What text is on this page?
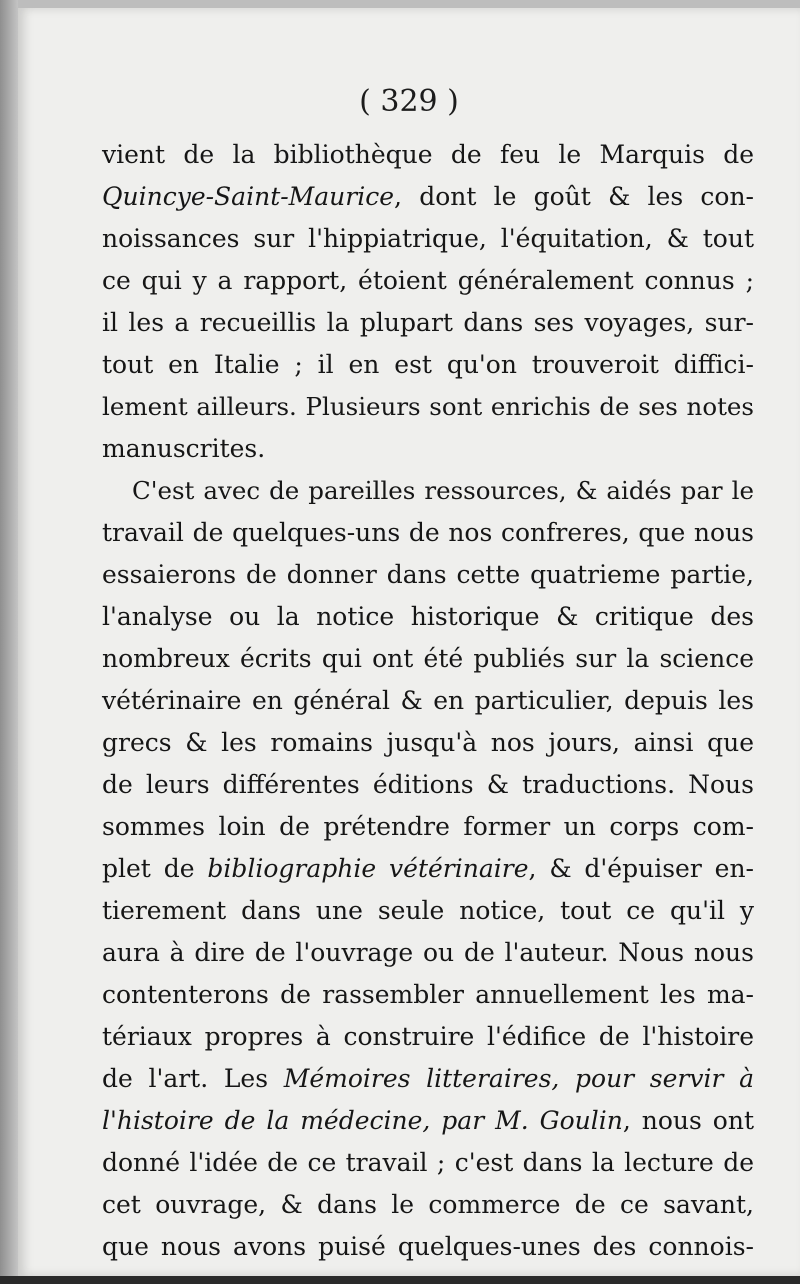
( 329 )
vient de la bibliothèque de feu le Marquis de
Quincye-Saint-Maurice, dont le goût & les con-
noissances sur l'hippiatrique, l'équitation, & tout
ce qui y a rapport, étoient généralement connus ;
il les a recueillis la plupart dans ses voyages, sur-
tout en Italie ; il en est qu'on trouveroit diffici-
lement ailleurs. Plusieurs sont enrichis de ses notes
manuscrites.
C'est avec de pareilles ressources, & aidés par le
travail de quelques-uns de nos confreres, que nous
essaierons de donner dans cette quatrieme partie,
l'analyse ou la notice historique & critique des
nombreux écrits qui ont été publiés sur la science
vétérinaire en général & en particulier, depuis les
grecs & les romains jusqu'à nos jours, ainsi que
de leurs différentes éditions & traductions. Nous
sommes loin de prétendre former un corps com-
plet de bibliographie vétérinaire, & d'épuiser en-
tierement dans une seule notice, tout ce qu'il y
aura à dire de l'ouvrage ou de l'auteur. Nous nous
contenterons de rassembler annuellement les ma-
tériaux propres à construire l'édifice de l'histoire
de l'art. Les Mémoires litteraires, pour servir à
l'histoire de la médecine, par M. Goulin, nous ont
donné l'idée de ce travail ; c'est dans la lecture de
cet ouvrage, & dans le commerce de ce savant,
que nous avons puisé quelques-unes des connois-
